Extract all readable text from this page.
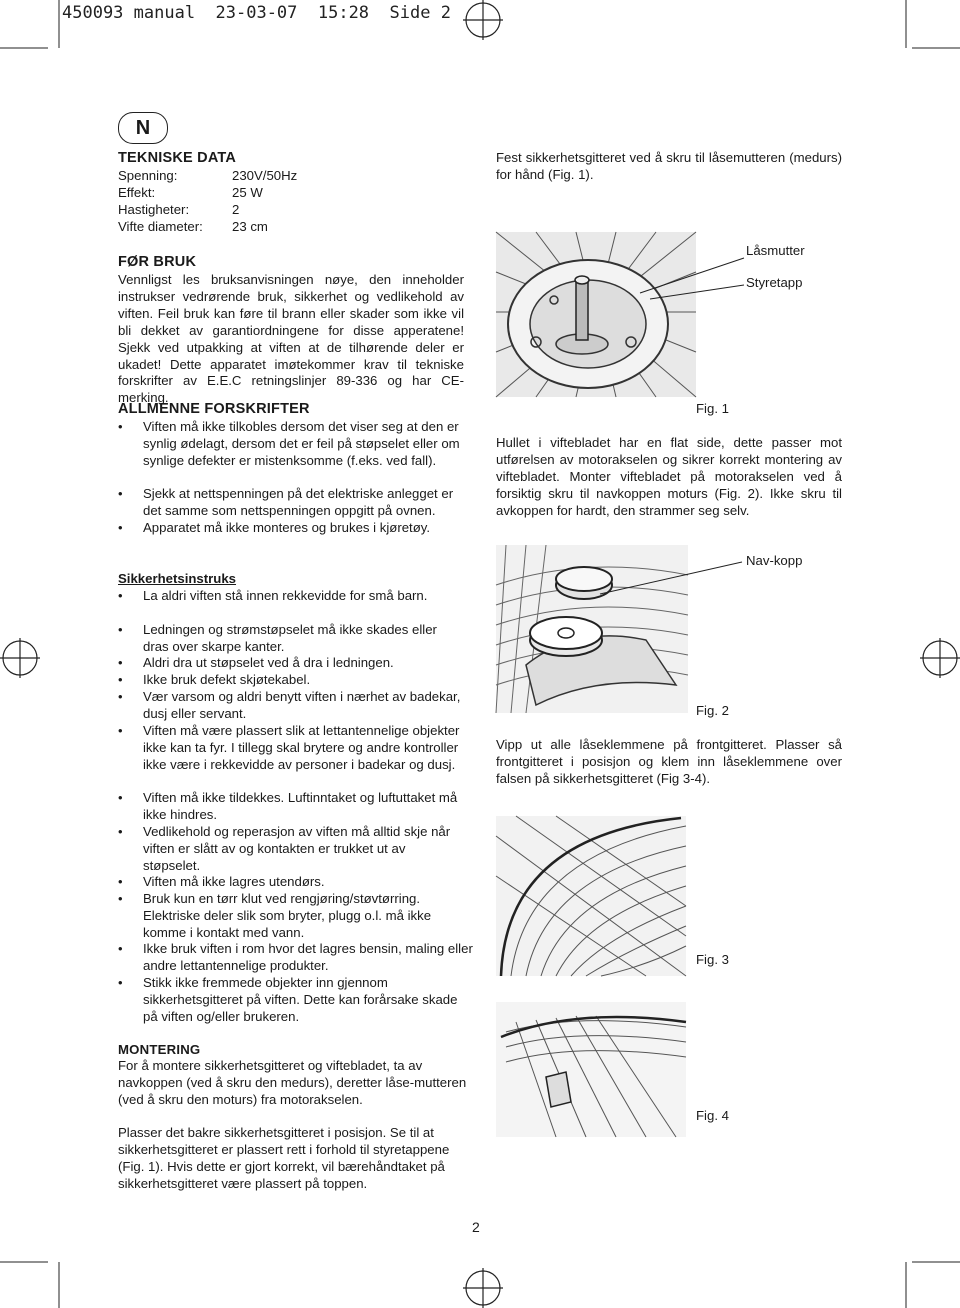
450093 manual  23-03-07  15:28  Side 2
N
TEKNISKE DATA
Spenning:	230V/50Hz
Effekt:	25 W
Hastigheter:	2
Vifte diameter: 23 cm
FØR BRUK
Vennligst les bruksanvisningen nøye, den inneholder instrukser vedrørende bruk, sikkerhet og vedlikehold av viften. Feil bruk kan føre til brann eller skader som ikke vil bli dekket av garantiordningene for disse apperatene! Sjekk ved utpakking at viften at de tilhørende deler er ukadet! Dette apparatet imøtekommer krav til tekniske forskrifter av E.E.C retningslinjer 89-336 og har CE-merking.
ALLMENNE FORSKRIFTER
• Viften må ikke tilkobles dersom det viser seg at den er synlig ødelagt, dersom det er feil på støpselet eller om synlige defekter er mistenksomme (f.eks. ved fall).
• Sjekk at nettspenningen på det elektriske anlegget er det samme som nettspenningen oppgitt på ovnen.
• Apparatet må ikke monteres og brukes i kjøretøy.
Sikkerhetsinstruks
• La aldri viften stå innen rekkevidde for små barn.
• Ledningen og strømstøpselet må ikke skades eller dras over skarpe kanter.
• Aldri dra ut støpselet ved å dra i ledningen.
• Ikke bruk defekt skjøtekabel.
• Vær varsom og aldri benytt viften i nærhet av badekar, dusj eller servant.
• Viften må være plassert slik at lettantennelige objekter ikke kan ta fyr. I tillegg skal brytere og andre kontroller ikke være i rekkevidde av personer i badekar og dusj.
• Viften må ikke tildekkes. Luftinntaket og luftuttaket må ikke hindres.
• Vedlikehold og reperasjon av viften må alltid skje når viften er slått av og kontakten er trukket ut av støpselet.
• Viften må ikke lagres utendørs.
• Bruk kun en tørr klut ved rengjøring/støvtørring. Elektriske deler slik som bryter, plugg o.l. må ikke komme i kontakt med vann.
• Ikke bruk viften i rom hvor det lagres bensin, maling eller andre lettantennelige produkter.
• Stikk ikke fremmede objekter inn gjennom sikkerhetsgitteret på viften. Dette kan forårsake skade på viften og/eller brukeren.
MONTERING
For å montere sikkerhetsgitteret og viftebladet, ta av navkoppen (ved å skru den medurs), deretter låse-mutteren (ved å skru den moturs) fra motorakselen.
Plasser det bakre sikkerhetsgitteret i posisjon. Se til at sikkerhetsgitteret er plassert rett i forhold til styretappene (Fig. 1). Hvis dette er gjort korrekt, vil bærehåndtaket på sikkerhetsgitteret være plassert på toppen.
Fest sikkerhetsgitteret ved å skru til låsemutteren (medurs) for hånd (Fig. 1).
Låsmutter
Styretapp
Fig. 1
Hullet i viftebladet har en flat side, dette passer mot utførelsen av motorakselen og sikrer korrekt montering av viftebladet. Monter viftebladet på motorakselen ved å forsiktig skru til navkoppen moturs (Fig. 2). Ikke skru til avkoppen for hardt, den strammer seg selv.
Nav-kopp
Fig. 2
Vipp ut alle låseklemmene på frontgitteret. Plasser så frontgitteret i posisjon og klem inn låseklemmene over falsen på sikkerhetsgitteret (Fig 3-4).
Fig. 3
Fig. 4
2
